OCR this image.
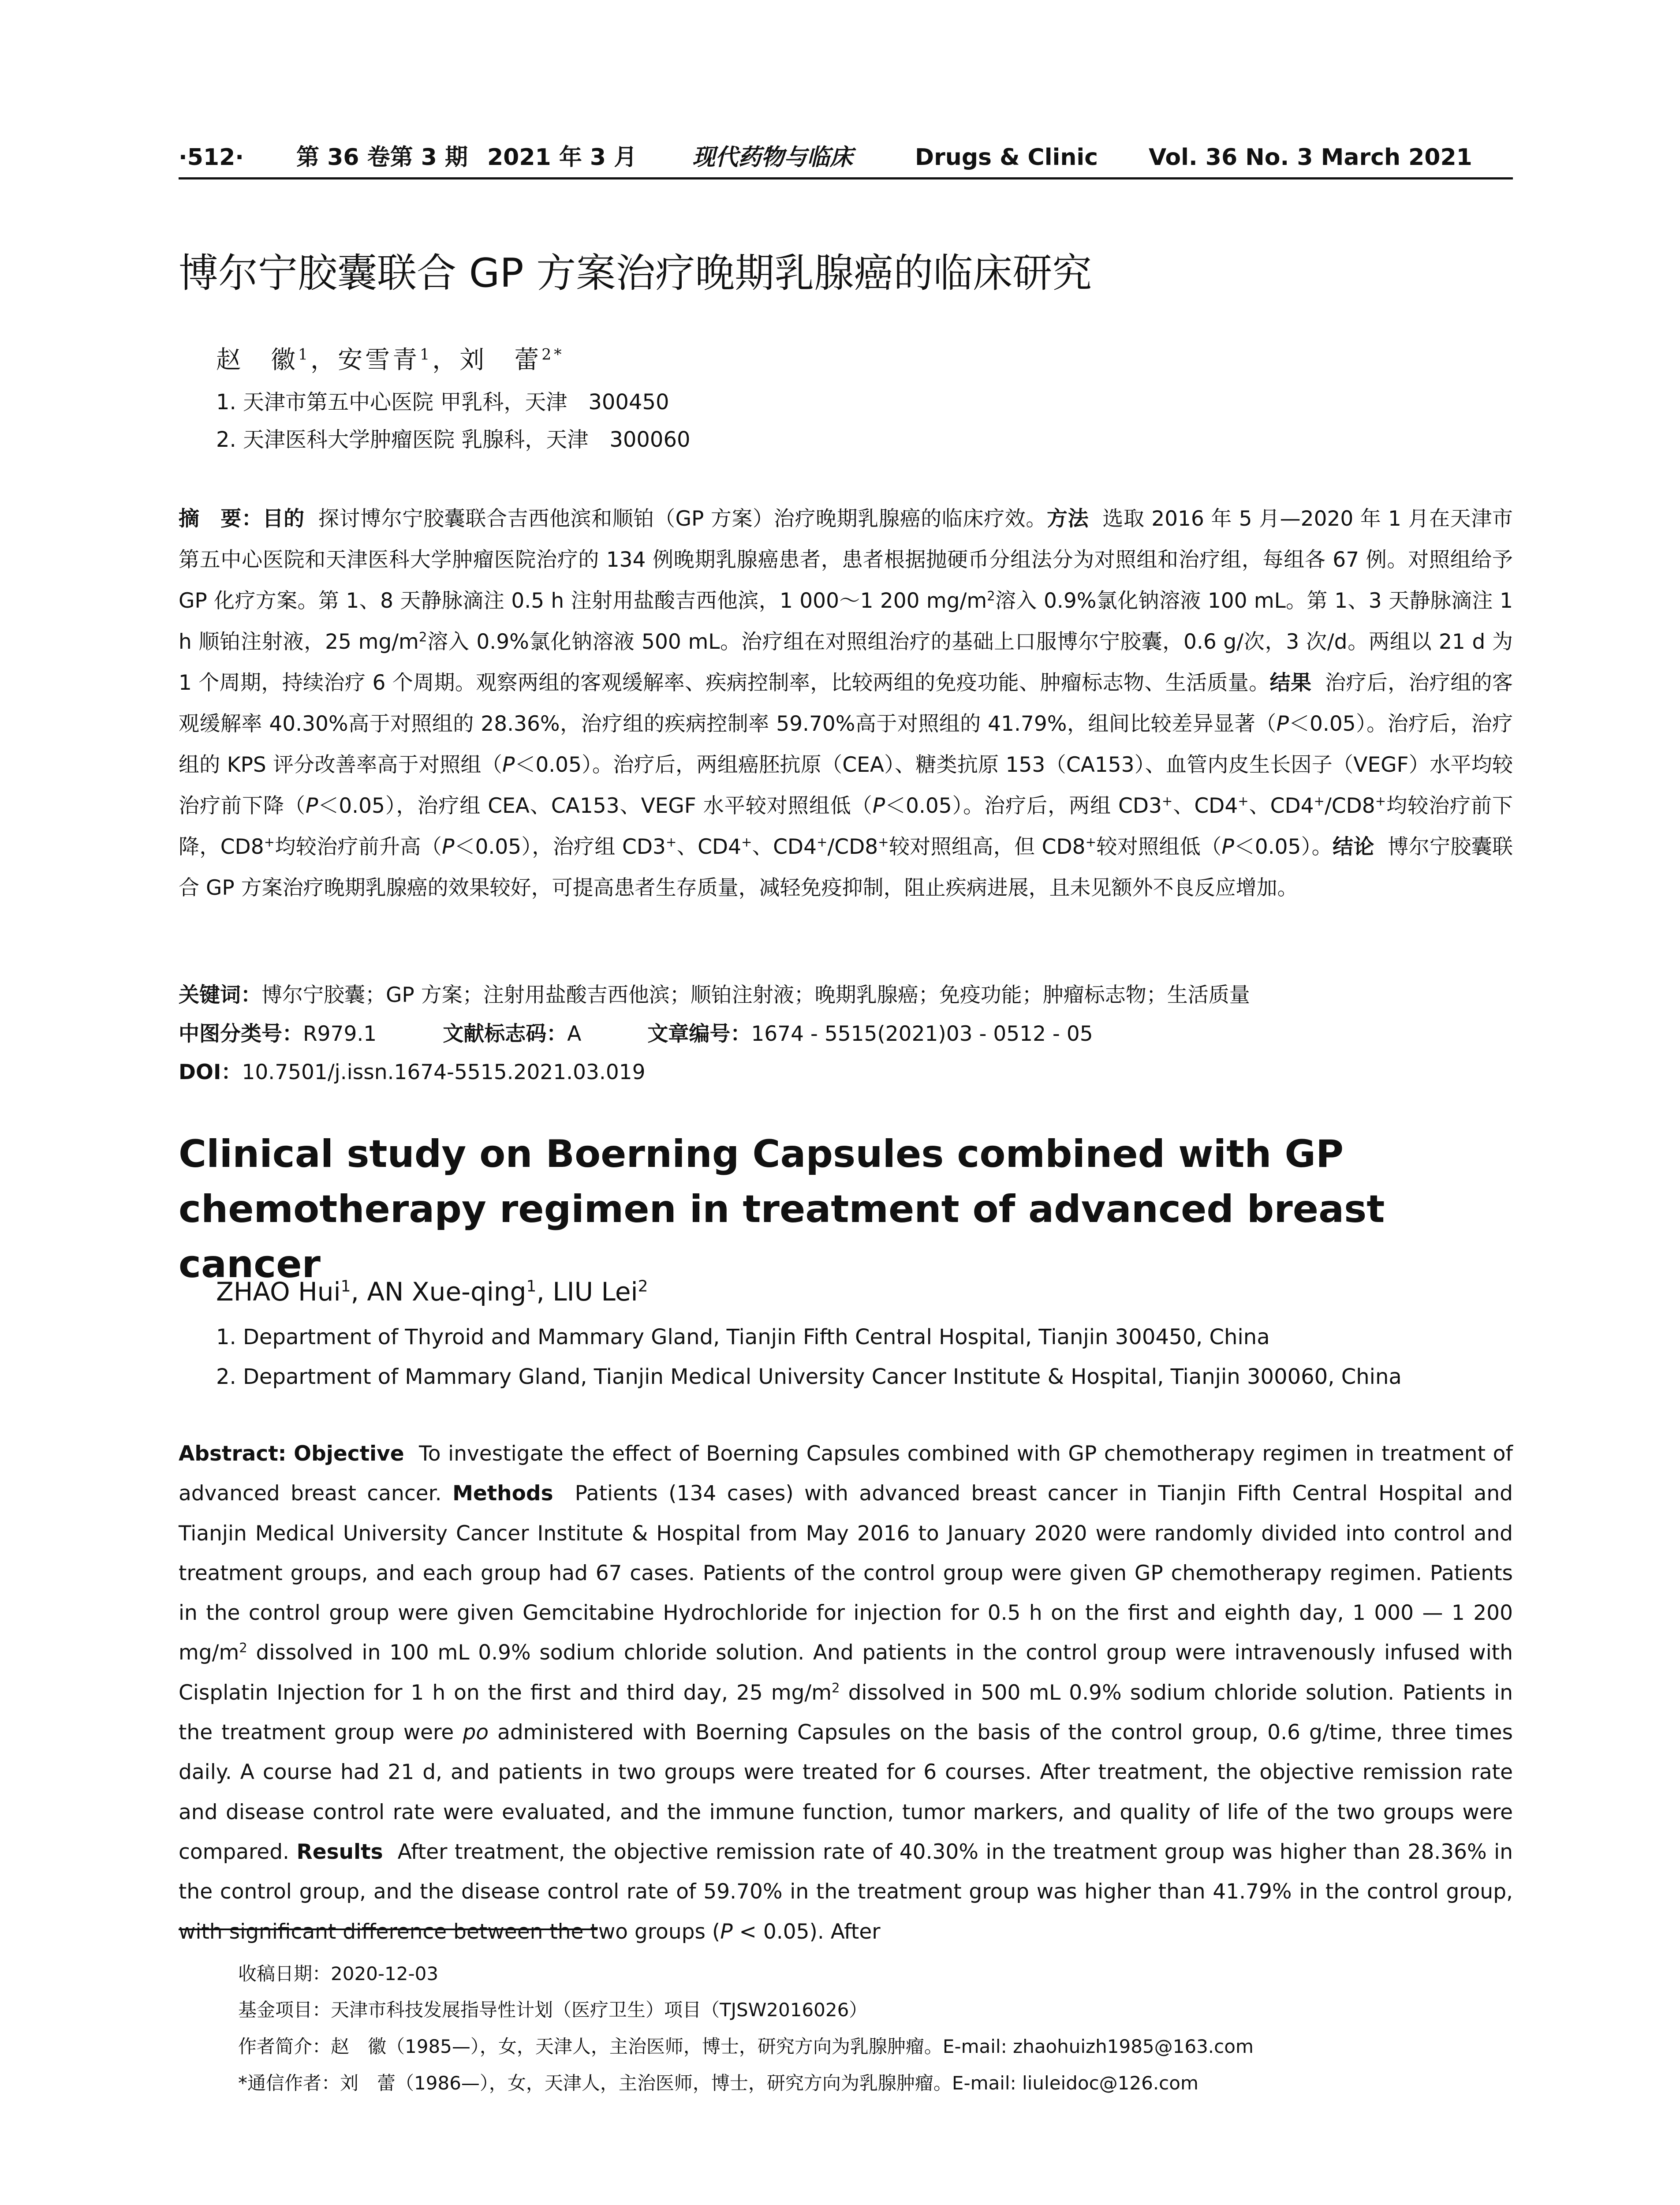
·512· 第 36 卷第 3 期 2021 年 3 月 现代药物与临床	Drugs & Clinic Vol. 36 No. 3 March 2021
博尔宁胶囊联合 GP 方案治疗晚期乳腺癌的临床研究
赵　徽$^1$，安雪青$^1$，刘　蕾$^{2*}$
1. 天津市第五中心医院 甲乳科，天津　300450
2. 天津医科大学肿瘤医院 乳腺科，天津　300060
摘　要：目的 探讨博尔宁胶囊联合吉西他滨和顺铂（GP 方案）治疗晚期乳腺癌的临床疗效。方法 选取 2016 年 5 月—2020 年 1 月在天津市第五中心医院和天津医科大学肿瘤医院治疗的 134 例晚期乳腺癌患者，患者根据抛硬币分组法分为对照组和治疗组，每组各 67 例。对照组给予 GP 化疗方案。第 1、8 天静脉滴注 0.5 h 注射用盐酸吉西他滨，1 000～1 200 $mg/m^2$溶入 0.9%氯化钠溶液 100 mL。第 1、3 天静脉滴注 1 h 顺铂注射液，25 $mg/m^2$溶入 0.9%氯化钠溶液 500 mL。治疗组在对照组治疗的基础上口服博尔宁胶囊，0.6 g/次，3 次/d。两组以 21 d 为 1 个周期，持续治疗 6 个周期。观察两组的客观缓解率、疾病控制率，比较两组的免疫功能、肿瘤标志物、生活质量。结果 治疗后，治疗组的客观缓解率 40.30%高于对照组的 28.36%，治疗组的疾病控制率 59.70%高于对照组的 41.79%，组间比较差异显著（P＜0.05）。治疗后，治疗组的 KPS 评分改善率高于对照组（P＜0.05）。治疗后，两组癌胚抗原（CEA）、糖类抗原 153（CA153）、血管内皮生长因子（VEGF）水平均较治疗前下降（P＜0.05），治疗组 CEA、CA153、VEGF 水平较对照组低（P＜0.05）。治疗后，两组 CD3+、CD4+、CD4+/CD8+均较治疗前下降，CD8+均较治疗前升高（P＜0.05），治疗组 CD3+、CD4+、CD4+/CD8+较对照组高，但 CD8+较对照组低（P＜0.05）。结论 博尔宁胶囊联合 GP 方案治疗晚期乳腺癌的效果较好，可提高患者生存质量，减轻免疫抑制，阻止疾病进展，且未见额外不良反应增加。
关键词：博尔宁胶囊；GP 方案；注射用盐酸吉西他滨；顺铂注射液；晚期乳腺癌；免疫功能；肿瘤标志物；生活质量
中图分类号：R979.1	文献标志码：A	文章编号：1674 - 5515(2021)03 - 0512 - 05
DOI：10.7501/j.issn.1674-5515.2021.03.019
Clinical study on Boerning Capsules combined with GP chemotherapy regimen in treatment of advanced breast cancer
ZHAO Hui$^1$, AN Xue-qing$^1$, LIU Lei$^2$
1. Department of Thyroid and Mammary Gland, Tianjin Fifth Central Hospital, Tianjin 300450, China
2. Department of Mammary Gland, Tianjin Medical University Cancer Institute & Hospital, Tianjin 300060, China
Abstract: Objective To investigate the effect of Boerning Capsules combined with GP chemotherapy regimen in treatment of advanced breast cancer. Methods Patients (134 cases) with advanced breast cancer in Tianjin Fifth Central Hospital and Tianjin Medical University Cancer Institute & Hospital from May 2016 to January 2020 were randomly divided into control and treatment groups, and each group had 67 cases. Patients of the control group were given GP chemotherapy regimen. Patients in the control group were given Gemcitabine Hydrochloride for injection for 0.5 h on the first and eighth day, 1 000 — 1 200 $mg/m^2$ dissolved in 100 mL 0.9% sodium chloride solution. And patients in the control group were intravenously infused with Cisplatin Injection for 1 h on the first and third day, 25 $mg/m^2$ dissolved in 500 mL 0.9% sodium chloride solution. Patients in the treatment group were po administered with Boerning Capsules on the basis of the control group, 0.6 g/time, three times daily. A course had 21 d, and patients in two groups were treated for 6 courses. After treatment, the objective remission rate and disease control rate were evaluated, and the immune function, tumor markers, and quality of life of the two groups were compared. Results After treatment, the objective remission rate of 40.30% in the treatment group was higher than 28.36% in the control group, and the disease control rate of 59.70% in the treatment group was higher than 41.79% in the control group, with significant difference between the two groups (P < 0.05). After
收稿日期：2020-12-03
基金项目：天津市科技发展指导性计划（医疗卫生）项目（TJSW2016026）
作者简介：赵　徽（1985—），女，天津人，主治医师，博士，研究方向为乳腺肿瘤。E-mail: zhaohuizh1985@163.com
*通信作者：刘　蕾（1986—），女，天津人，主治医师，博士，研究方向为乳腺肿瘤。E-mail: liuleidoc@126.com
